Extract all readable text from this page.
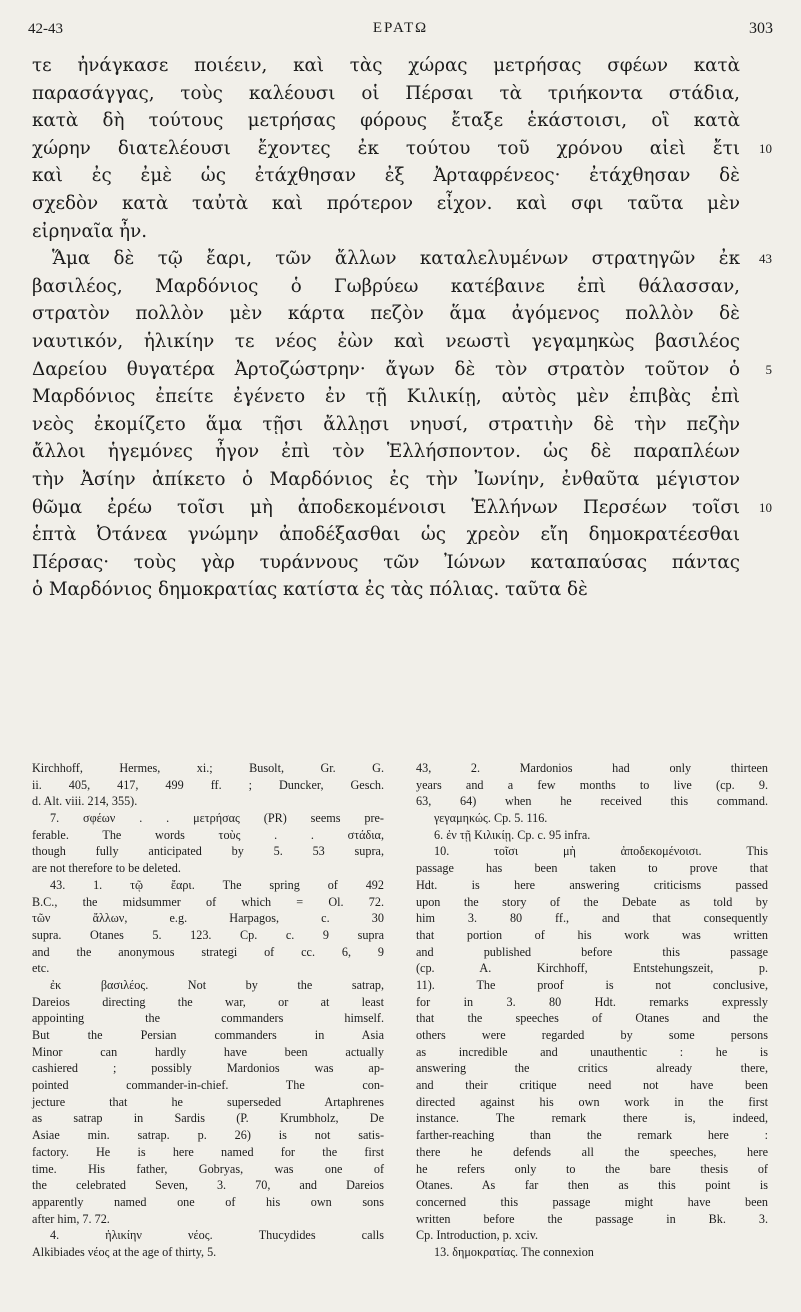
42-43	ΕΡΑΤΩ	303
τε ἠνάγκασε ποιέειν, καὶ τὰς χώρας μετρήσας σφέων κατὰ
παρασάγγας, τοὺς καλέουσι οἱ Πέρσαι τὰ τριήκοντα στάδια,
κατὰ δὴ τούτους μετρήσας φόρους ἔταξε ἑκάστοισι, οἳ κατὰ
χώρην διατελέουσι ἔχοντες ἐκ τούτου τοῦ χρόνου αἰεὶ ἔτι 10
καὶ ἐς ἐμὲ ὡς ἐτάχθησαν ἐξ Ἀρταφρένεος· ἐτάχθησαν δὲ
σχεδὸν κατὰ ταὐτὰ καὶ πρότερον εἶχον. καὶ σφι ταῦτα μὲν
εἰρηναῖα ἦν.
Ἅμα δὲ τῷ ἔαρι, τῶν ἄλλων καταλελυμένων στρατηγῶν ἐκ 43
βασιλέος, Μαρδόνιος ὁ Γωβρύεω κατέβαινε ἐπὶ θάλασσαν,
στρατὸν πολλὸν μὲν κάρτα πεζὸν ἅμα ἀγόμενος πολλὸν δὲ
ναυτικόν, ἡλικίην τε νέος ἐὼν καὶ νεωστὶ γεγαμηκὼς βασιλέος
Δαρείου θυγατέρα Ἀρτοζώστρην· ἄγων δὲ τὸν στρατὸν τοῦτον ὁ 5
Μαρδόνιος ἐπείτε ἐγένετο ἐν τῇ Κιλικίῃ, αὐτὸς μὲν ἐπιβὰς ἐπὶ
νεὸς ἐκομίζετο ἅμα τῇσι ἄλλῃσι νηυσί, στρατιὴν δὲ τὴν πεζὴν
ἄλλοι ἡγεμόνες ἦγον ἐπὶ τὸν Ἑλλήσποντον. ὡς δὲ παραπλέων
τὴν Ἀσίην ἀπίκετο ὁ Μαρδόνιος ἐς τὴν Ἰωνίην, ἐνθαῦτα μέγιστον
θῶμα ἐρέω τοῖσι μὴ ἀποδεκομένοισι Ἑλλήνων Περσέων τοῖσι 10
ἑπτὰ Ὀτάνεα γνώμην ἀποδέξασθαι ὡς χρεὸν εἴη δημοκρατέεσθαι
Πέρσας· τοὺς γὰρ τυράννους τῶν Ἰώνων καταπαύσας πάντας
ὁ Μαρδόνιος δημοκρατίας κατίστα ἐς τὰς πόλιας. ταῦτα δὲ
Kirchhoff, Hermes, xi.; Busolt, Gr. G.
ii. 405, 417, 499 ff. ; Duncker, Gesch.
d. Alt. viii. 214, 355).
7. σφέων . . μετρήσας (PR) seems pre-
ferable. The words τοὺς . . στάδια,
though fully anticipated by 5. 53 supra,
are not therefore to be deleted.
43. 1. τῷ ἔαρι. The spring of 492
B.C., the midsummer of which = Ol. 72.
τῶν ἄλλων, e.g. Harpagos, c. 30
supra. Otanes 5. 123. Cp. c. 9 supra
and the anonymous strategi of cc. 6, 9
etc.
ἐκ βασιλέος. Not by the satrap,
Dareios directing the war, or at least
appointing the commanders himself.
But the Persian commanders in Asia
Minor can hardly have been actually
cashiered ; possibly Mardonios was ap-
pointed commander-in-chief. The con-
jecture that he superseded Artaphrenes
as satrap in Sardis (P. Krumbholz, De
Asiae min. satrap. p. 26) is not satis-
factory. He is here named for the first
time. His father, Gobryas, was one of
the celebrated Seven, 3. 70, and Dareios
apparently named one of his own sons
after him, 7. 72.
4. ἡλικίην νέος. Thucydides calls
Alkibiades νέος at the age of thirty, 5.
43, 2. Mardonios had only thirteen
years and a few months to live (cp. 9.
63, 64) when he received this command.
γεγαμηκώς. Cp. 5. 116.
6. ἐν τῇ Κιλικίῃ. Cp. c. 95 infra.
10. τοῖσι μὴ ἀποδεκομένοισι. This
passage has been taken to prove that
Hdt. is here answering criticisms passed
upon the story of the Debate as told by
him 3. 80 ff., and that consequently
that portion of his work was written
and published before this passage
(cp. A. Kirchhoff, Entstehungszeit, p.
11). The proof is not conclusive,
for in 3. 80 Hdt. remarks expressly
that the speeches of Otanes and the
others were regarded by some persons
as incredible and unauthentic : he is
answering the critics already there,
and their critique need not have been
directed against his own work in the first
instance. The remark there is, indeed,
farther-reaching than the remark here :
there he defends all the speeches, here
he refers only to the bare thesis of
Otanes. As far then as this point is
concerned this passage might have been
written before the passage in Bk. 3.
Cp. Introduction, p. xciv.
13. δημοκρατίας. The connexion
